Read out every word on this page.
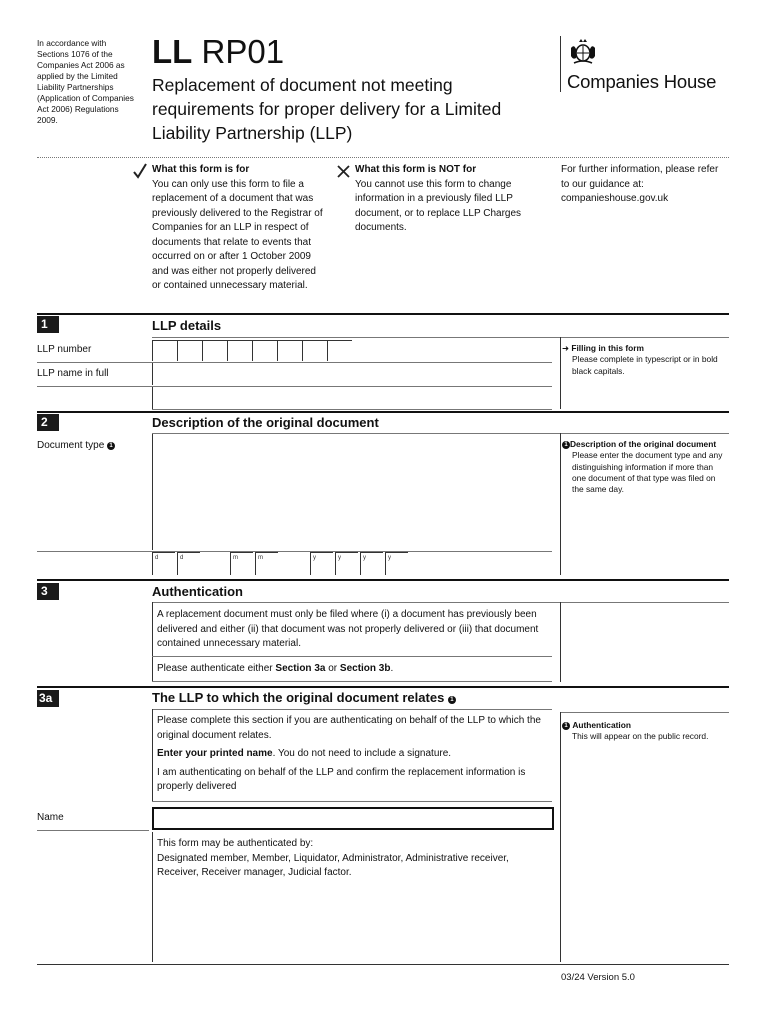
In accordance with Sections 1076 of the Companies Act 2006 as applied by the Limited Liability Partnerships (Application of Companies Act 2006) Regulations 2009.
LL RP01
Replacement of document not meeting requirements for proper delivery for a Limited Liability Partnership (LLP)
Companies House
What this form is for
You can only use this form to file a replacement of a document that was previously delivered to the Registrar of Companies for an LLP in respect of documents that relate to events that occurred on or after 1 October 2009 and was either not properly delivered or contained unnecessary material.
What this form is NOT for
You cannot use this form to change information in a previously filed LLP document, or to replace LLP Charges documents.
For further information, please refer to our guidance at: companieshouse.gov.uk
1	LLP details
LLP number
LLP name in full
➜ Filling in this form
Please complete in typescript or in bold black capitals.
2	Description of the original document
Document type 1
d	d	m	m	y	y	y	y
1 Description of the original document
Please enter the document type and any distinguishing information if more than one document of that type was filed on the same day.
3	Authentication
A replacement document must only be filed where (i) a document has previously been delivered and either (ii) that document was not properly delivered or (iii) that document contained unnecessary material.
Please authenticate either Section 3a or Section 3b.
3a	The LLP to which the original document relates 1
Please complete this section if you are authenticating on behalf of the LLP to which the original document relates.
Enter your printed name. You do not need to include a signature.
I am authenticating on behalf of the LLP and confirm the replacement information is properly delivered
Name
This form may be authenticated by:
Designated member, Member, Liquidator, Administrator, Administrative receiver, Receiver, Receiver manager, Judicial factor.
1 Authentication
This will appear on the public record.
03/24 Version 5.0
